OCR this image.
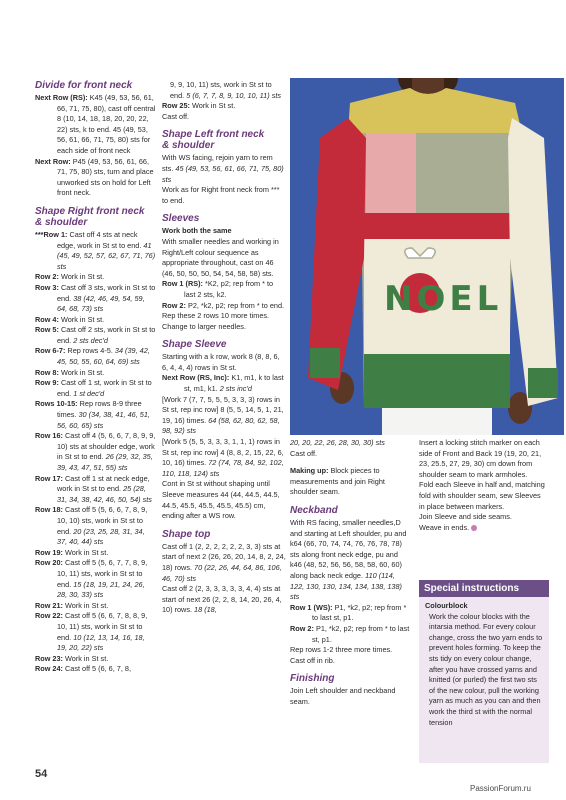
Divide for front neck

Next Row (RS): K45 (49, 53, 56, 61, 66, 71, 75, 80), cast off central 8 (10, 14, 18, 18, 20, 20, 22, 22) sts, k to end. 45 (49, 53, 56, 61, 66, 71, 75, 80) sts for each side of front neck

Next Row: P45 (49, 53, 56, 61, 66, 71, 75, 80) sts, turn and place unworked sts on hold for Left front neck.

Shape Right front neck
& shoulder

***Row 1: Cast off 4 sts at neck edge, work in St st to end. 41 (45, 49, 52, 57, 62, 67, 71, 76) sts

Row 2: Work in St st.

Row 3: Cast off 3 sts, work in St st to end. 38 (42, 46, 49, 54, 59, 64, 68, 73) sts

Row 4: Work in St st.

Row 5: Cast off 2 sts, work in St st to end. 2 sts dec'd

Row 6-7: Rep rows 4-5. 34 (39, 42, 45, 50, 55, 60, 64, 69) sts

Row 8: Work in St st.

Row 9: Cast off 1 st, work in St st to end. 1 st dec'd

Rows 10-15: Rep rows 8-9 three times. 30 (34, 38, 41, 46, 51, 56, 60, 65) sts

Row 16: Cast off 4 (5, 6, 6, 7, 8, 9, 9, 10) sts at shoulder edge, work in St st to end. 26 (29, 32, 35, 39, 43, 47, 51, 55) sts

Row 17: Cast off 1 st at neck edge, work in St st to end. 25 (28, 31, 34, 38, 42, 46, 50, 54) sts

Row 18: Cast off 5 (5, 6, 6, 7, 8, 9, 10, 10) sts, work in St st to end. 20 (23, 25, 28, 31, 34, 37, 40, 44) sts

Row 19: Work in St st.

Row 20: Cast off 5 (5, 6, 7, 7, 8, 9, 10, 11) sts, work in St st to end. 15 (18, 19, 21, 24, 26, 28, 30, 33) sts

Row 21: Work in St st.

Row 22: Cast off 5 (6, 6, 7, 8, 8, 9, 10, 11) sts, work in St st to end. 10 (12, 13, 14, 16, 18, 19, 20, 22) sts

Row 23: Work in St st.

Row 24: Cast off 5 (6, 6, 7, 8,

9, 9, 10, 11) sts, work in St st to end. 5 (6, 7, 7, 8, 9, 10, 10, 11) sts

Row 25: Work in St st.

Cast off.

Shape Left front neck
& shoulder

With WS facing, rejoin yarn to rem sts. 45 (49, 53, 56, 61, 66, 71, 75, 80) sts

Work as for Right front neck from *** to end.

Sleeves

Work both the same

With smaller needles and working in Right/Left colour sequence as appropriate throughout, cast on 46 (46, 50, 50, 50, 54, 54, 58, 58) sts.

Row 1 (RS): *K2, p2; rep from * to last 2 sts, k2.

Row 2: P2, *k2, p2; rep from * to end.

Rep these 2 rows 10 more times.

Change to larger needles.

Shape Sleeve

Starting with a k row, work 8 (8, 8, 6, 6, 4, 4, 4) rows in St st.

Next Row (RS, Inc): K1, m1, k to last st, m1, k1. 2 sts inc'd

[Work 7 (7, 7, 5, 5, 5, 3, 3, 3) rows in St st, rep inc row] 8 (5, 5, 14, 5, 1, 21, 19, 16) times. 64 (58, 62, 80, 62, 58, 98, 92) sts

[Work 5 (5, 5, 3, 3, 3, 1, 1, 1) rows in St st, rep inc row] 4 (8, 8, 2, 15, 22, 6, 10, 16) times. 72 (74, 78, 84, 92, 102, 110, 118, 124) sts

Cont in St st without shaping until Sleeve measures 44 (44, 44.5, 44.5, 44.5, 45.5, 45.5, 45.5, 45.5) cm, ending after a WS row.

Shape top

Cast off 1 (2, 2, 2, 2, 2, 2, 3, 3) sts at start of next 2 (26, 26, 20, 14, 8, 2, 24, 18) rows. 70 (22, 26, 44, 64, 86, 106, 46, 70) sts

Cast off 2 (2, 3, 3, 3, 3, 3, 4, 4) sts at start of next 26 (2, 2, 8, 14, 20, 26, 4, 10) rows. 18 (18,

NOEL

20, 20, 22, 26, 28, 30, 30) sts

Cast off.

Making up: Block pieces to measurements and join Right shoulder seam.

Neckband

With RS facing, smaller needles,D and starting at Left shoulder, pu and k64 (66, 70, 74, 74, 76, 76, 78, 78) sts along front neck edge, pu and k46 (48, 52, 56, 56, 58, 58, 60, 60) along back neck edge. 110 (114, 122, 130, 130, 134, 134, 138, 138) sts

Row 1 (WS): P1, *k2, p2; rep from * to last st, p1.

Row 2: P1, *k2, p2; rep from * to last st, p1.

Rep rows 1-2 three more times.

Cast off in rib.

Finishing

Join Left shoulder and neckband seam.

Insert a locking stitch marker on each side of Front and Back 19 (19, 20, 21, 23, 25.5, 27, 29, 30) cm down from shoulder seam to mark armholes.

Fold each Sleeve in half and, matching fold with shoulder seam, sew Sleeves in place between markers.

Join Sleeve and side seams.

Weave in ends.

Special instructions

Colourblock

Work the colour blocks with the intarsia method. For every colour change, cross the two yarn ends to prevent holes forming. To keep the sts tidy on every colour change, after you have crossed yarns and knitted (or purled) the first two sts of the new colour, pull the working yarn as much as you can and then work the third st with the normal tension

54
PassionForum.ru
